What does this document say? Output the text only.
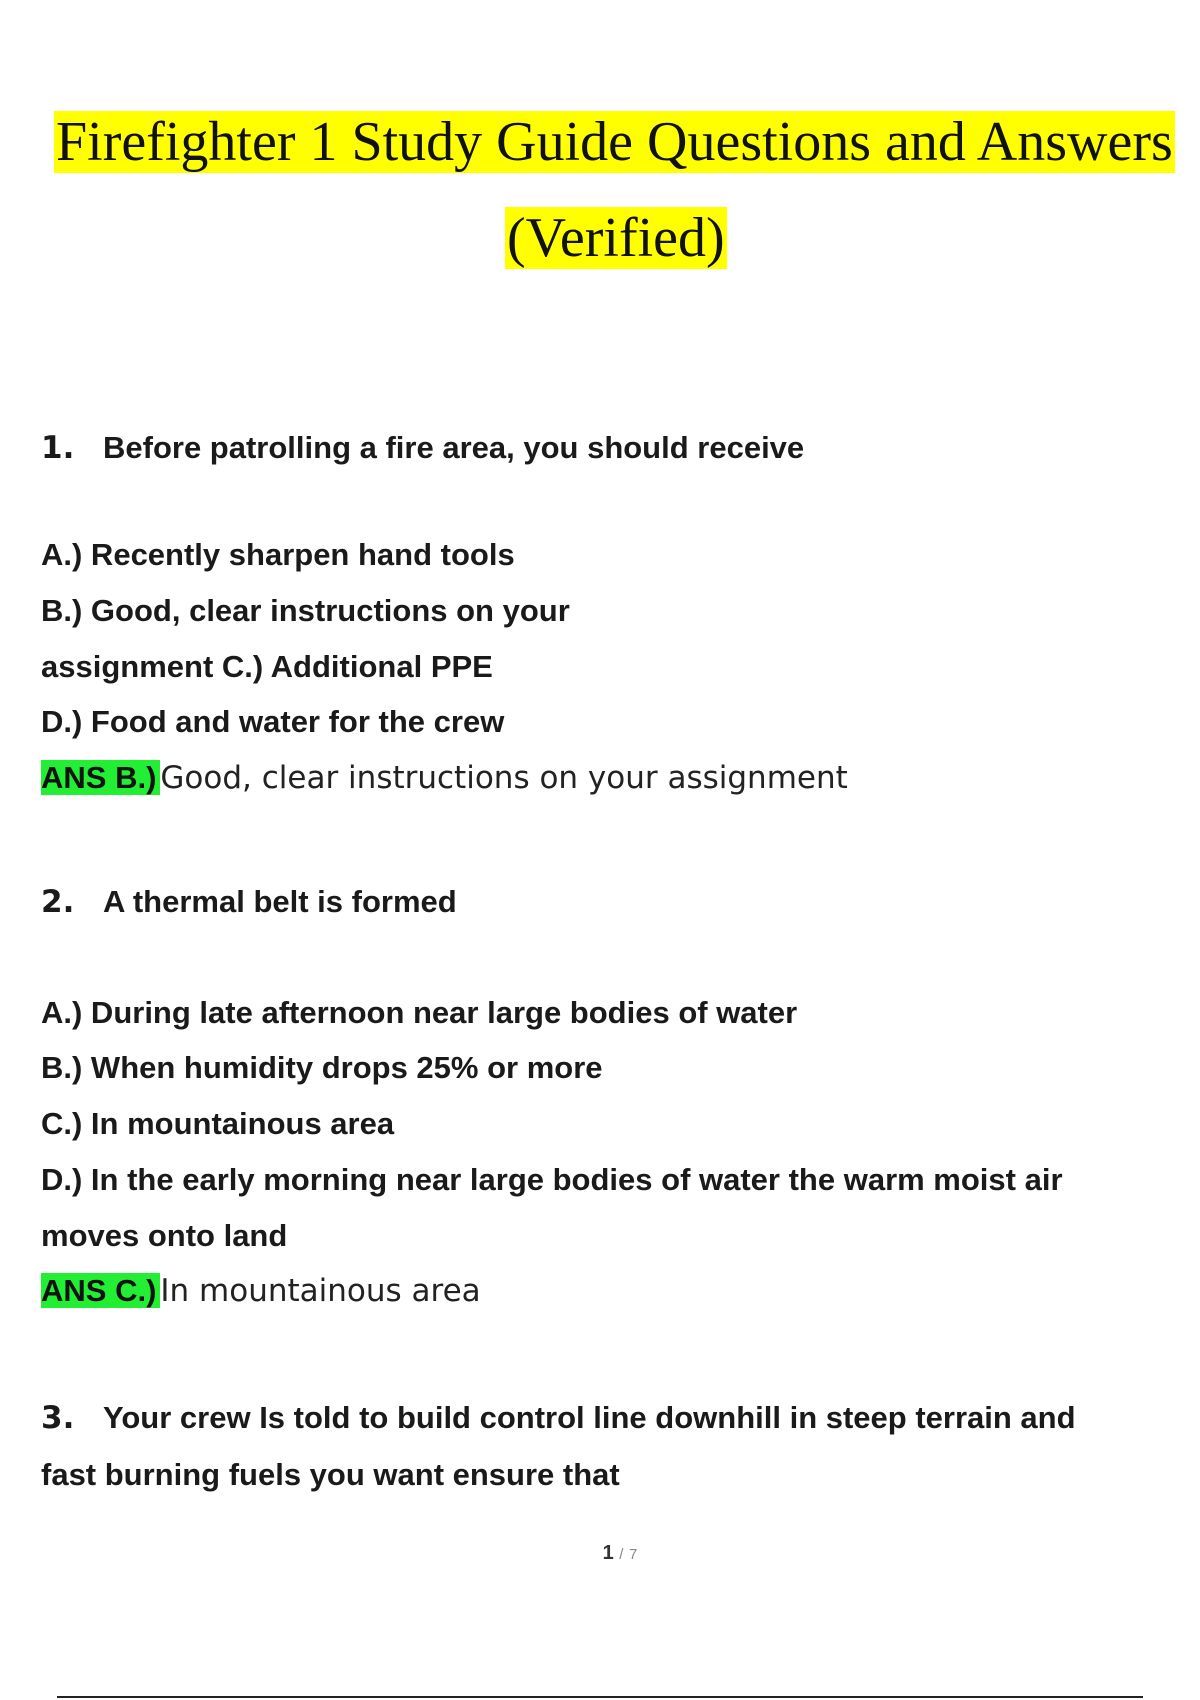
Firefighter 1 Study Guide Questions and Answers
(Verified)
1. Before patrolling a fire area, you should receive
A.) Recently sharpen hand tools
B.) Good, clear instructions on your
assignment C.) Additional PPE
D.) Food and water for the crew
ANS B.) Good, clear instructions on your assignment
2. A thermal belt is formed
A.) During late afternoon near large bodies of water
B.) When humidity drops 25% or more
C.) In mountainous area
D.) In the early morning near large bodies of water the warm moist air
moves onto land
ANS C.) In mountainous area
3. Your crew Is told to build control line downhill in steep terrain and
fast burning fuels you want ensure that
1 / 7
